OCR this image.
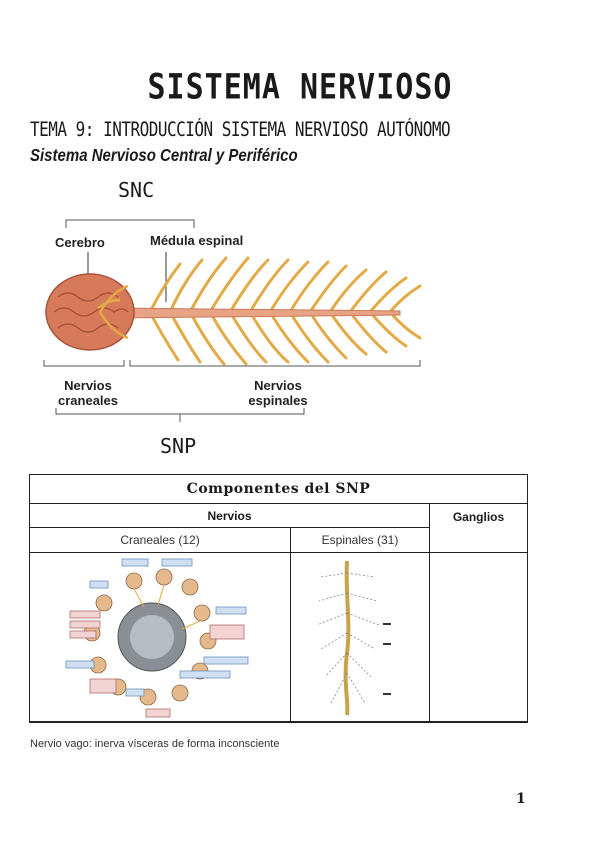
SISTEMA NERVIOSO
TEMA 9: INTRODUCCIÓN SISTEMA NERVIOSO AUTÓNOMO
Sistema Nervioso Central y Periférico
SNC
Cerebro	Médula espinal
Nervios
craneales
Nervios
espinales
SNP
Componentes del SNP
Nervios	Ganglios
Craneales (12)	Espinales (31)
Nervio vago: inerva vísceras de forma inconsciente
1
